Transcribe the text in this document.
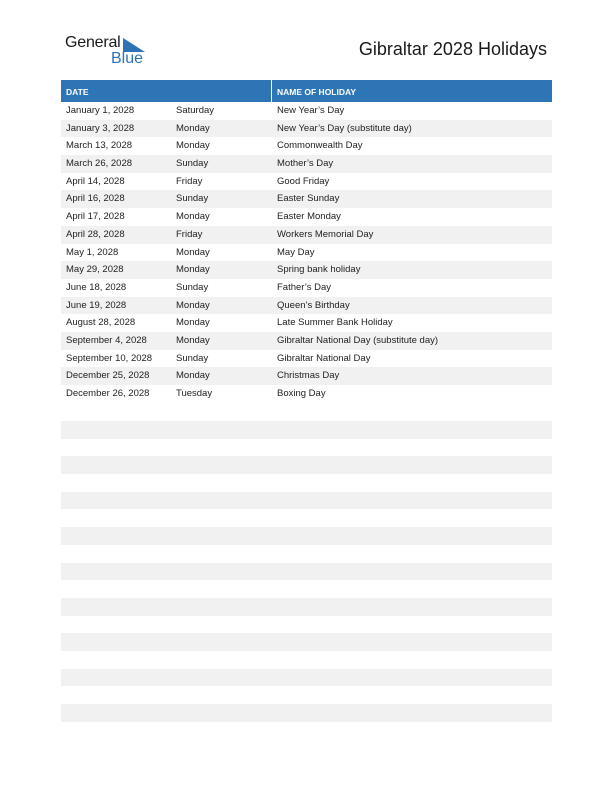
General
Blue	Gibraltar 2028 Holidays
DATE	NAME OF HOLIDAY
January 1, 2028	Saturday	New Year’s Day
January 3, 2028	Monday	New Year’s Day (substitute day)
March 13, 2028	Monday	Commonwealth Day
March 26, 2028	Sunday	Mother’s Day
April 14, 2028	Friday	Good Friday
April 16, 2028	Sunday	Easter Sunday
April 17, 2028	Monday	Easter Monday
April 28, 2028	Friday	Workers Memorial Day
May 1, 2028	Monday	May Day
May 29, 2028	Monday	Spring bank holiday
June 18, 2028	Sunday	Father’s Day
June 19, 2028	Monday	Queen’s Birthday
August 28, 2028	Monday	Late Summer Bank Holiday
September 4, 2028	Monday	Gibraltar National Day (substitute day)
September 10, 2028	Sunday	Gibraltar National Day
December 25, 2028	Monday	Christmas Day
December 26, 2028	Tuesday	Boxing Day
